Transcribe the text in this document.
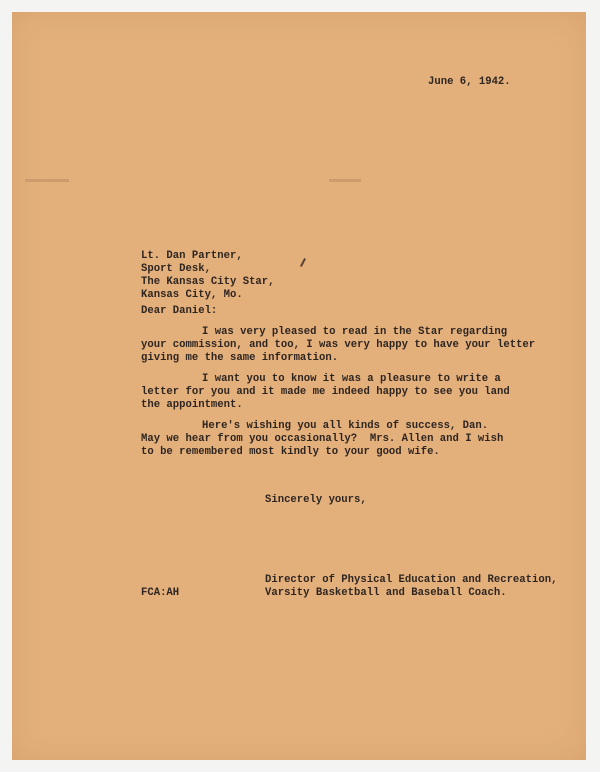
June 6, 1942.
Lt. Dan Partner,
Sport Desk,
The Kansas City Star,
Kansas City, Mo.
Dear Daniel:
I was very pleased to read in the Star regarding
your commission, and too, I was very happy to have your letter
giving me the same information.
I want you to know it was a pleasure to write a
letter for you and it made me indeed happy to see you land
the appointment.
Here's wishing you all kinds of success, Dan.
May we hear from you occasionally?  Mrs. Allen and I wish
to be remembered most kindly to your good wife.
Sincerely yours,
Director of Physical Education and Recreation,
Varsity Basketball and Baseball Coach.
FCA:AH
